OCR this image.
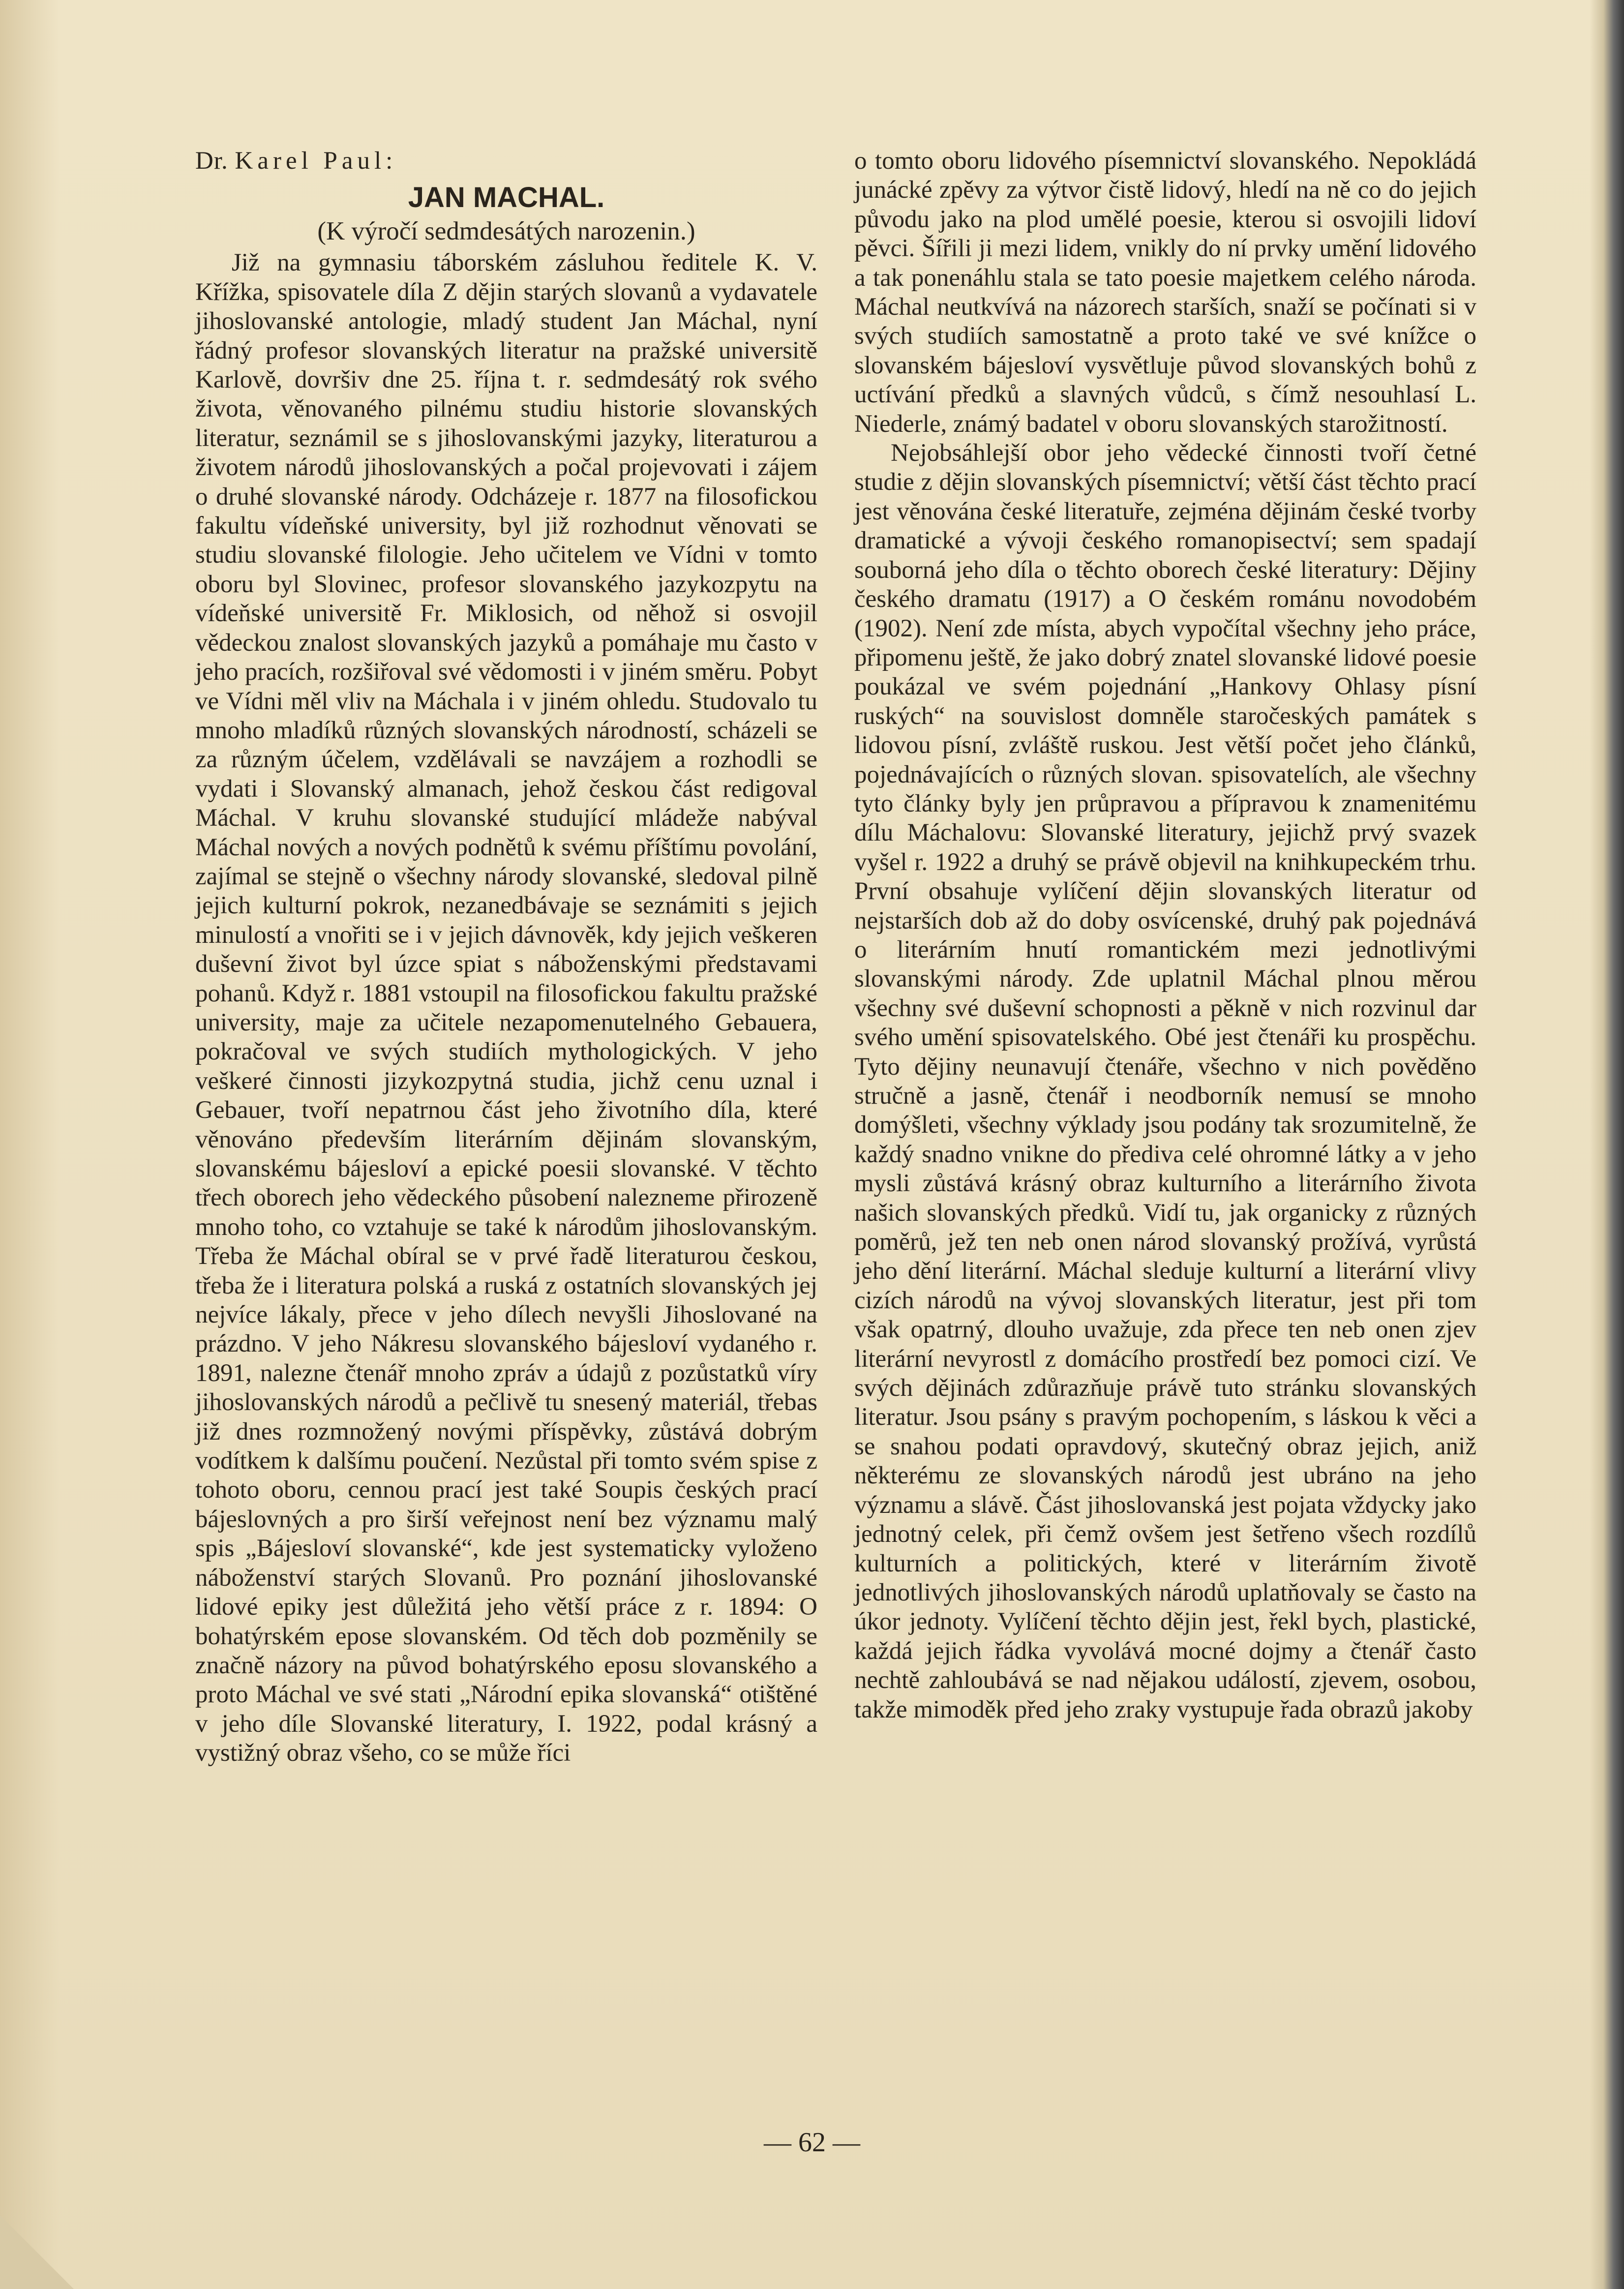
Dr. Karel Paul:
JAN MACHAL.
(K výročí sedmdesátých narozenin.)

Již na gymnasiu táborském zásluhou ředitele K. V. Křížka, spisovatele díla Z dějin starých slovanů a vydavatele jihoslovanské antologie, mladý student Jan Máchal, nyní řádný profesor slovanských literatur na pražské universitě Karlově, dovršiv dne 25. října t. r. sedmdesátý rok svého života, věnovaného pilnému studiu historie slovanských literatur, seznámil se s jihoslovanskými jazyky, literaturou a životem národů jihoslovanských a počal projevovati i zájem o druhé slovanské národy. Odcházeje r. 1877 na filosofickou fakultu vídeňské university, byl již rozhodnut věnovati se studiu slovanské filologie. Jeho učitelem ve Vídni v tomto oboru byl Slovinec, profesor slovanského jazykozpytu na vídeňské universitě Fr. Miklosich, od něhož si osvojil vědeckou znalost slovanských jazyků a pomáhaje mu často v jeho pracích, rozšiřoval své vědomosti i v jiném směru. Pobyt ve Vídni měl vliv na Máchala i v jiném ohledu. Studovalo tu mnoho mladíků různých slovanských národností, scházeli se za různým účelem, vzdělávali se navzájem a rozhodli se vydati i Slovanský almanach, jehož českou část redigoval Máchal. V kruhu slovanské studující mládeže nabýval Máchal nových a nových podnětů k svému příštímu povolání, zajímal se stejně o všechny národy slovanské, sledoval pilně jejich kulturní pokrok, nezanedbávaje se seznámiti s jejich minulostí a vnořiti se i v jejich dávnověk, kdy jejich veškeren duševní život byl úzce spiat s náboženskými představami pohanů. Když r. 1881 vstoupil na filosofickou fakultu pražské university, maje za učitele nezapomenutelného Gebauera, pokračoval ve svých studiích mythologických. V jeho veškeré činnosti jizykozpytná studia, jichž cenu uznal i Gebauer, tvoří nepatrnou část jeho životního díla, které věnováno především literárním dějinám slovanským, slovanskému bájesloví a epické poesii slovanské. V těchto třech oborech jeho vědeckého působení nalezneme přirozeně mnoho toho, co vztahuje se také k národům jihoslovanským. Třeba že Máchal obíral se v prvé řadě literaturou českou, třeba že i literatura polská a ruská z ostatních slovanských jej nejvíce lákaly, přece v jeho dílech nevyšli Jihoslované na prázdno. V jeho Nákresu slovanského bájesloví vydaného r. 1891, nalezne čtenář mnoho zpráv a údajů z pozůstatků víry jihoslovanských národů a pečlivě tu snesený materiál, třebas již dnes rozmnožený novými příspěvky, zůstává dobrým vodítkem k dalšímu poučení. Nezůstal při tomto svém spise z tohoto oboru, cennou prací jest také Soupis českých prací bájeslovných a pro širší veřejnost není bez významu malý spis „Bájesloví slovanské“, kde jest systematicky vyloženo náboženství starých Slovanů. Pro poznání jihoslovanské lidové epiky jest důležitá jeho větší práce z r. 1894: O bohatýrském epose slovanském. Od těch dob pozměnily se značně názory na původ bohatýrského eposu slovanského a proto Máchal ve své stati „Národní epika slovanská“ otištěné v jeho díle Slovanské literatury, I. 1922, podal krásný a vystižný obraz všeho, co se může říci

o tomto oboru lidového písemnictví slovanského. Nepokládá junácké zpěvy za výtvor čistě lidový, hledí na ně co do jejich původu jako na plod umělé poesie, kterou si osvojili lidoví pěvci. Šířili ji mezi lidem, vnikly do ní prvky umění lidového a tak ponenáhlu stala se tato poesie majetkem celého národa. Máchal neutkvívá na názorech starších, snaží se počínati si v svých studiích samostatně a proto také ve své knížce o slovanském bájesloví vysvětluje původ slovanských bohů z uctívání předků a slavných vůdců, s čímž nesouhlasí L. Niederle, známý badatel v oboru slovanských starožitností.

Nejobsáhlejší obor jeho vědecké činnosti tvoří četné studie z dějin slovanských písemnictví; větší část těchto prací jest věnována české literatuře, zejména dějinám české tvorby dramatické a vývoji českého romanopisectví; sem spadají souborná jeho díla o těchto oborech české literatury: Dějiny českého dramatu (1917) a O českém románu novodobém (1902). Není zde místa, abych vypočítal všechny jeho práce, připomenu ještě, že jako dobrý znatel slovanské lidové poesie poukázal ve svém pojednání „Hankovy Ohlasy písní ruských“ na souvislost domněle staročeských památek s lidovou písní, zvláště ruskou. Jest větší počet jeho článků, pojednávajících o různých slovan. spisovatelích, ale všechny tyto články byly jen průpravou a přípravou k znamenitému dílu Máchalovu: Slovanské literatury, jejichž prvý svazek vyšel r. 1922 a druhý se právě objevil na knihkupeckém trhu. První obsahuje vylíčení dějin slovanských literatur od nejstarších dob až do doby osvícenské, druhý pak pojednává o literárním hnutí romantickém mezi jednotlivými slovanskými národy. Zde uplatnil Máchal plnou měrou všechny své duševní schopnosti a pěkně v nich rozvinul dar svého umění spisovatelského. Obé jest čtenáři ku prospěchu. Tyto dějiny neunavují čtenáře, všechno v nich pověděno stručně a jasně, čtenář i neodborník nemusí se mnoho domýšleti, všechny výklady jsou podány tak srozumitelně, že každý snadno vnikne do přediva celé ohromné látky a v jeho mysli zůstává krásný obraz kulturního a literárního života našich slovanských předků. Vidí tu, jak organicky z různých poměrů, jež ten neb onen národ slovanský prožívá, vyrůstá jeho dění literární. Máchal sleduje kulturní a literární vlivy cizích národů na vývoj slovanských literatur, jest při tom však opatrný, dlouho uvažuje, zda přece ten neb onen zjev literární nevyrostl z domácího prostředí bez pomoci cizí. Ve svých dějinách zdůrazňuje právě tuto stránku slovanských literatur. Jsou psány s pravým pochopením, s láskou k věci a se snahou podati opravdový, skutečný obraz jejich, aniž některému ze slovanských národů jest ubráno na jeho významu a slávě. Část jihoslovanská jest pojata vždycky jako jednotný celek, při čemž ovšem jest šetřeno všech rozdílů kulturních a politických, které v literárním životě jednotlivých jihoslovanských národů uplatňovaly se často na úkor jednoty. Vylíčení těchto dějin jest, řekl bych, plastické, každá jejich řádka vyvolává mocné dojmy a čtenář často nechtě zahloubává se nad nějakou událostí, zjevem, osobou, takže mimoděk před jeho zraky vystupuje řada obrazů jakoby

— 62 —
